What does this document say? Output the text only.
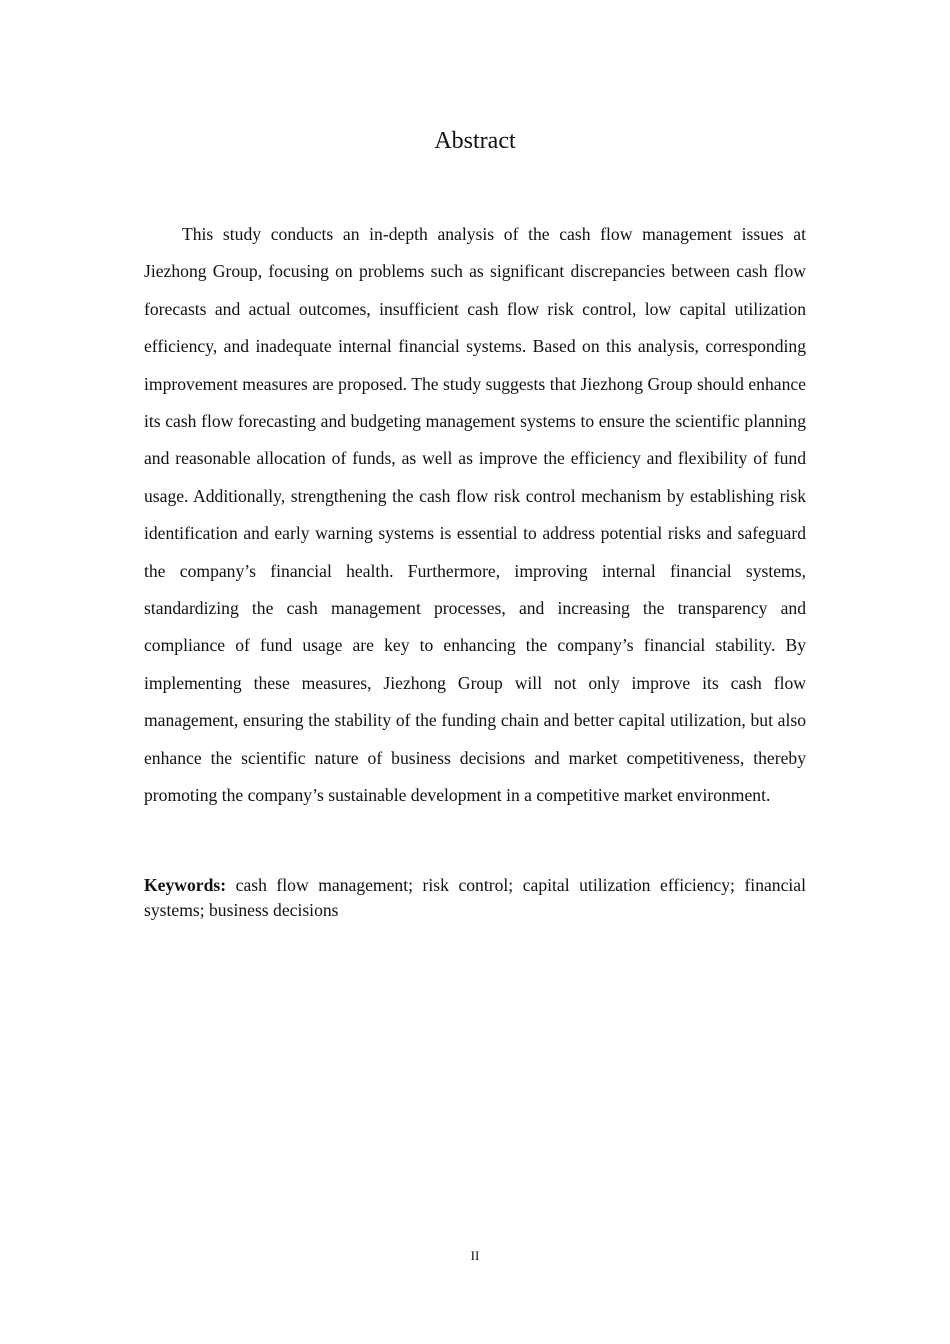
Abstract

This study conducts an in-depth analysis of the cash flow management issues at Jiezhong Group, focusing on problems such as significant discrepancies between cash flow forecasts and actual outcomes, insufficient cash flow risk control, low capital utilization efficiency, and inadequate internal financial systems. Based on this analysis, corresponding improvement measures are proposed. The study suggests that Jiezhong Group should enhance its cash flow forecasting and budgeting management systems to ensure the scientific planning and reasonable allocation of funds, as well as improve the efficiency and flexibility of fund usage. Additionally, strengthening the cash flow risk control mechanism by establishing risk identification and early warning systems is essential to address potential risks and safeguard the company’s financial health. Furthermore, improving internal financial systems, standardizing the cash management processes, and increasing the transparency and compliance of fund usage are key to enhancing the company’s financial stability. By implementing these measures, Jiezhong Group will not only improve its cash flow management, ensuring the stability of the funding chain and better capital utilization, but also enhance the scientific nature of business decisions and market competitiveness, thereby promoting the company’s sustainable development in a competitive market environment.

Keywords: cash flow management; risk control; capital utilization efficiency; financial systems; business decisions

II
